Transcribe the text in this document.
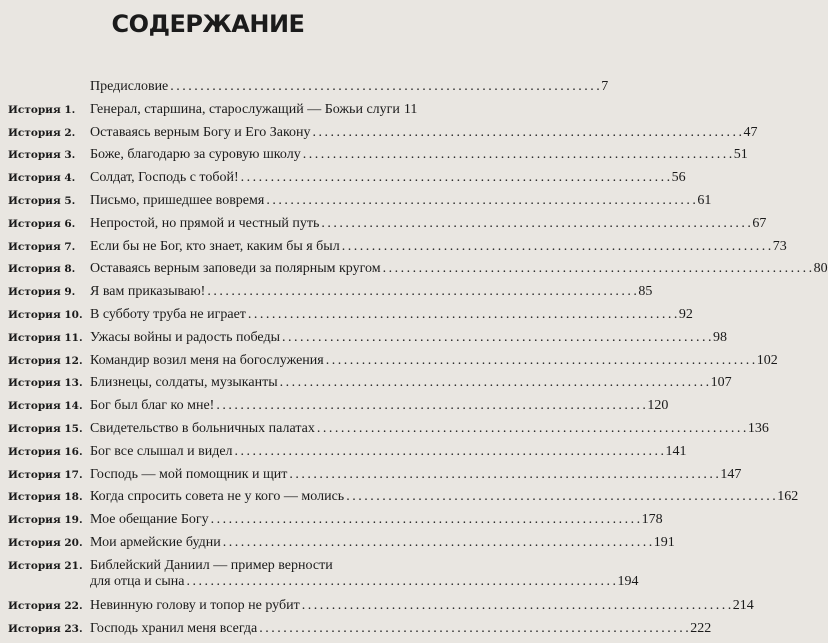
СОДЕРЖАНИЕ
Предисловие . . .	7
История 1.	Генерал, старшина, старослужащий — Божьи слуги 11
История 2.	Оставаясь верным Богу и Его Закону . . .	47
История 3.	Боже, благодарю за суровую школу . . .	51
История 4.	Солдат, Господь с тобой! . . .	56
История 5.	Письмо, пришедшее вовремя . . .	61
История 6.	Непростой, но прямой и честный путь . . .	67
История 7.	Если бы не Бог, кто знает, каким бы я был . . .	73
История 8.	Оставаясь верным заповеди за полярным кругом . . .	80
История 9.	Я вам приказываю! . . .	85
История 10. В субботу труба не играет . . .	92
История 11. Ужасы войны и радость победы . . .	98
История 12. Командир возил меня на богослужения . . .	102
История 13. Близнецы, солдаты, музыканты . . .	107
История 14. Бог был благ ко мне! . . .	120
История 15. Свидетельство в больничных палатах . . .	136
История 16. Бог все слышал и видел . . .	141
История 17. Господь — мой помощник и щит . . .	147
История 18. Когда спросить совета не у кого — молись . . .	162
История 19. Мое обещание Богу . . .	178
История 20. Мои армейские будни . . .	191
История 21. Библейский Даниил — пример верности
для отца и сына . . .	194
История 22. Невинную голову и топор не рубит . . .	214
История 23. Господь хранил меня всегда . . .	222
